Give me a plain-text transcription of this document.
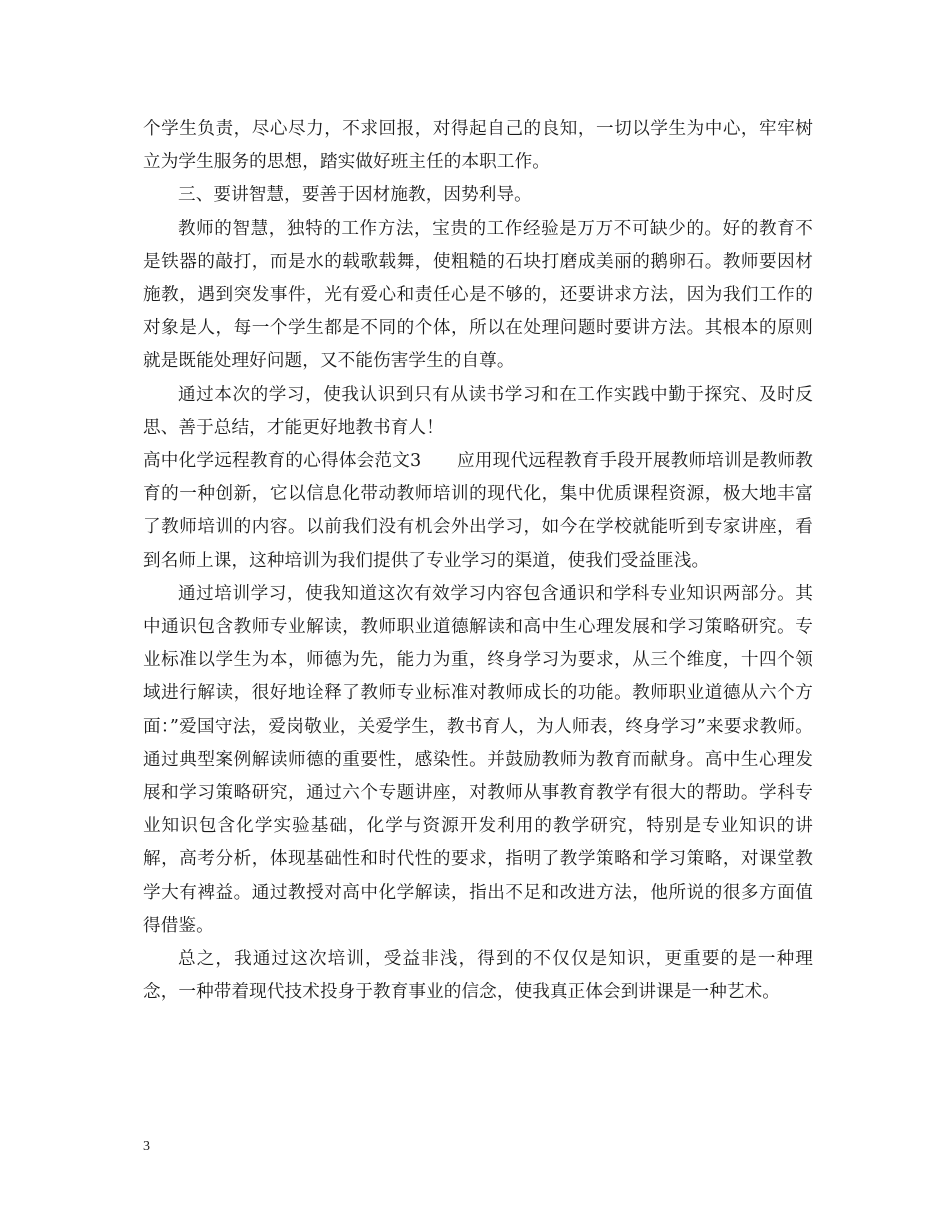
个学生负责，尽心尽力，不求回报，对得起自己的良知，一切以学生为中心，牢牢树立为学生服务的思想，踏实做好班主任的本职工作。

三、要讲智慧，要善于因材施教，因势利导。

教师的智慧，独特的工作方法，宝贵的工作经验是万万不可缺少的。好的教育不是铁器的敲打，而是水的载歌载舞，使粗糙的石块打磨成美丽的鹅卵石。教师要因材施教，遇到突发事件，光有爱心和责任心是不够的，还要讲求方法，因为我们工作的对象是人，每一个学生都是不同的个体，所以在处理问题时要讲方法。其根本的原则就是既能处理好问题，又不能伤害学生的自尊。

通过本次的学习，使我认识到只有从读书学习和在工作实践中勤于探究、及时反思、善于总结，才能更好地教书育人！

高中化学远程教育的心得体会范文3　　应用现代远程教育手段开展教师培训是教师教育的一种创新，它以信息化带动教师培训的现代化，集中优质课程资源，极大地丰富了教师培训的内容。以前我们没有机会外出学习，如今在学校就能听到专家讲座，看到名师上课，这种培训为我们提供了专业学习的渠道，使我们受益匪浅。

通过培训学习，使我知道这次有效学习内容包含通识和学科专业知识两部分。其中通识包含教师专业解读，教师职业道德解读和高中生心理发展和学习策略研究。专业标准以学生为本，师德为先，能力为重，终身学习为要求，从三个维度，十四个领域进行解读，很好地诠释了教师专业标准对教师成长的功能。教师职业道德从六个方面：”爱国守法，爱岗敬业，关爱学生，教书育人，为人师表，终身学习”来要求教师。通过典型案例解读师德的重要性，感染性。并鼓励教师为教育而献身。高中生心理发展和学习策略研究，通过六个专题讲座，对教师从事教育教学有很大的帮助。学科专业知识包含化学实验基础，化学与资源开发利用的教学研究，特别是专业知识的讲解，高考分析，体现基础性和时代性的要求，指明了教学策略和学习策略，对课堂教学大有裨益。通过教授对高中化学解读，指出不足和改进方法，他所说的很多方面值得借鉴。

总之，我通过这次培训，受益非浅，得到的不仅仅是知识，更重要的是一种理念，一种带着现代技术投身于教育事业的信念，使我真正体会到讲课是一种艺术。

3
